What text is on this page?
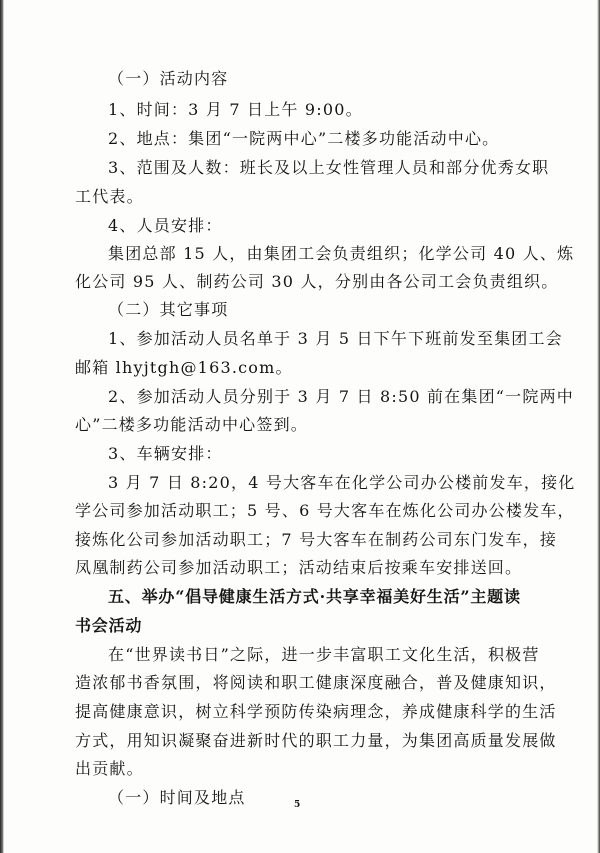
（一）活动内容
1、时间：3 月 7 日上午 9:00。
2、地点：集团“一院两中心”二楼多功能活动中心。
3、范围及人数：班长及以上女性管理人员和部分优秀女职
工代表。
4、人员安排：
集团总部 15 人，由集团工会负责组织；化学公司 40 人、炼
化公司 95 人、制药公司 30 人，分别由各公司工会负责组织。
（二）其它事项
1、参加活动人员名单于 3 月 5 日下午下班前发至集团工会
邮箱 lhyjtgh@163.com。
2、参加活动人员分别于 3 月 7 日 8:50 前在集团“一院两中
心”二楼多功能活动中心签到。
3、车辆安排：
3 月 7 日 8:20，4 号大客车在化学公司办公楼前发车，接化
学公司参加活动职工；5 号、6 号大客车在炼化公司办公楼发车，
接炼化公司参加活动职工；7 号大客车在制药公司东门发车，接
凤凰制药公司参加活动职工；活动结束后按乘车安排送回。
五、举办“倡导健康生活方式·共享幸福美好生活”主题读
书会活动
在“世界读书日”之际，进一步丰富职工文化生活，积极营
造浓郁书香氛围，将阅读和职工健康深度融合，普及健康知识，
提高健康意识，树立科学预防传染病理念，养成健康科学的生活
方式，用知识凝聚奋进新时代的职工力量，为集团高质量发展做
出贡献。
（一）时间及地点	5
